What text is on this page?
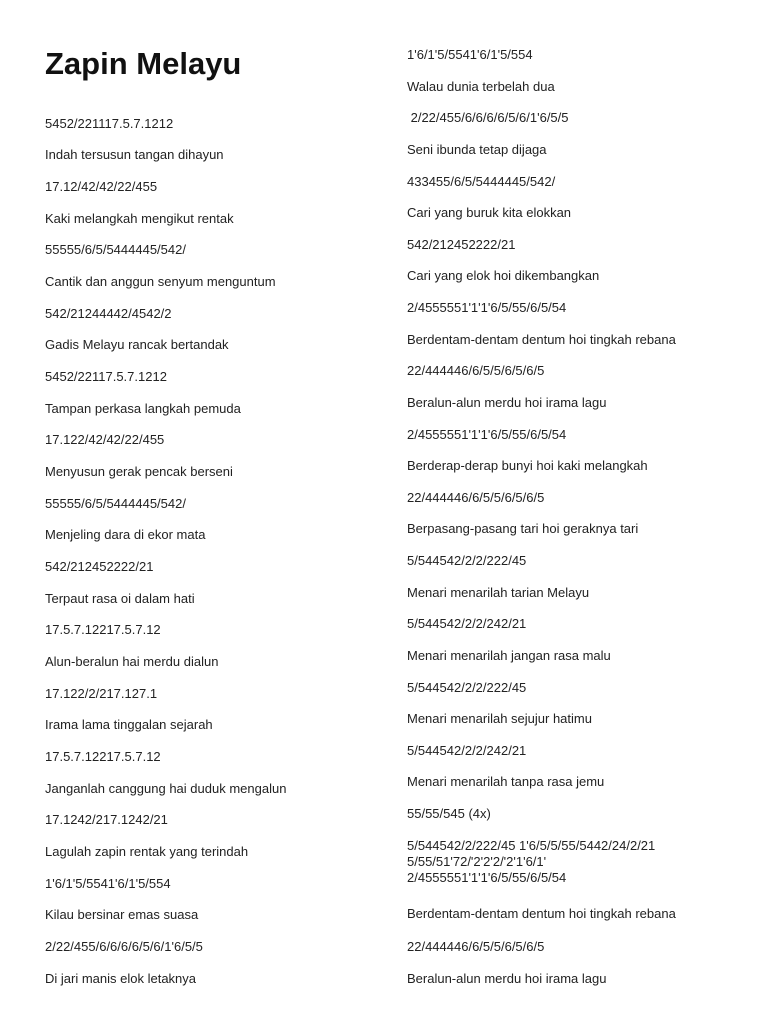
Zapin Melayu
5452/221117.5.7.1212
Indah tersusun tangan dihayun
17.12/42/42/22/455
Kaki melangkah mengikut rentak
55555/6/5/5444445/542/
Cantik dan anggun senyum menguntum
542/21244442/4542/2
Gadis Melayu rancak bertandak
5452/22117.5.7.1212
Tampan perkasa langkah pemuda
17.122/42/42/22/455
Menyusun gerak pencak berseni
55555/6/5/5444445/542/
Menjeling dara di ekor mata
542/212452222/21
Terpaut rasa oi dalam hati
17.5.7.12217.5.7.12
Alun-beralun hai merdu dialun
17.122/2/217.127.1
Irama lama tinggalan sejarah
17.5.7.12217.5.7.12
Janganlah canggung hai duduk mengalun
17.1242/217.1242/21
Lagulah zapin rentak yang terindah
1'6/1'5/5541'6/1'5/554
Kilau bersinar emas suasa
2/22/455/6/6/6/6/5/6/1'6/5/5
Di jari manis elok letaknya
1'6/1'5/5541'6/1'5/554
Walau dunia terbelah dua
2/22/455/6/6/6/6/5/6/1'6/5/5
Seni ibunda tetap dijaga
433455/6/5/5444445/542/
Cari yang buruk kita elokkan
542/212452222/21
Cari yang elok hoi dikembangkan
2/4555551'1'1'6/5/55/6/5/54
Berdentam-dentam dentum hoi tingkah rebana
22/444446/6/5/5/6/5/6/5
Beralun-alun merdu hoi irama lagu
2/4555551'1'1'6/5/55/6/5/54
Berderap-derap bunyi hoi kaki melangkah
22/444446/6/5/5/6/5/6/5
Berpasang-pasang tari hoi geraknya tari
5/544542/2/2/222/45
Menari menarilah tarian Melayu
5/544542/2/2/242/21
Menari menarilah jangan rasa malu
5/544542/2/2/222/45
Menari menarilah sejujur hatimu
5/544542/2/2/242/21
Menari menarilah tanpa rasa jemu
55/55/545 (4x)
5/544542/2/222/45 1'6/5/5/55/5442/24/2/21
5/55/51'72/'2'2'2/'2'1'6/1'
2/4555551'1'1'6/5/55/6/5/54
Berdentam-dentam dentum hoi tingkah rebana
22/444446/6/5/5/6/5/6/5
Beralun-alun merdu hoi irama lagu
